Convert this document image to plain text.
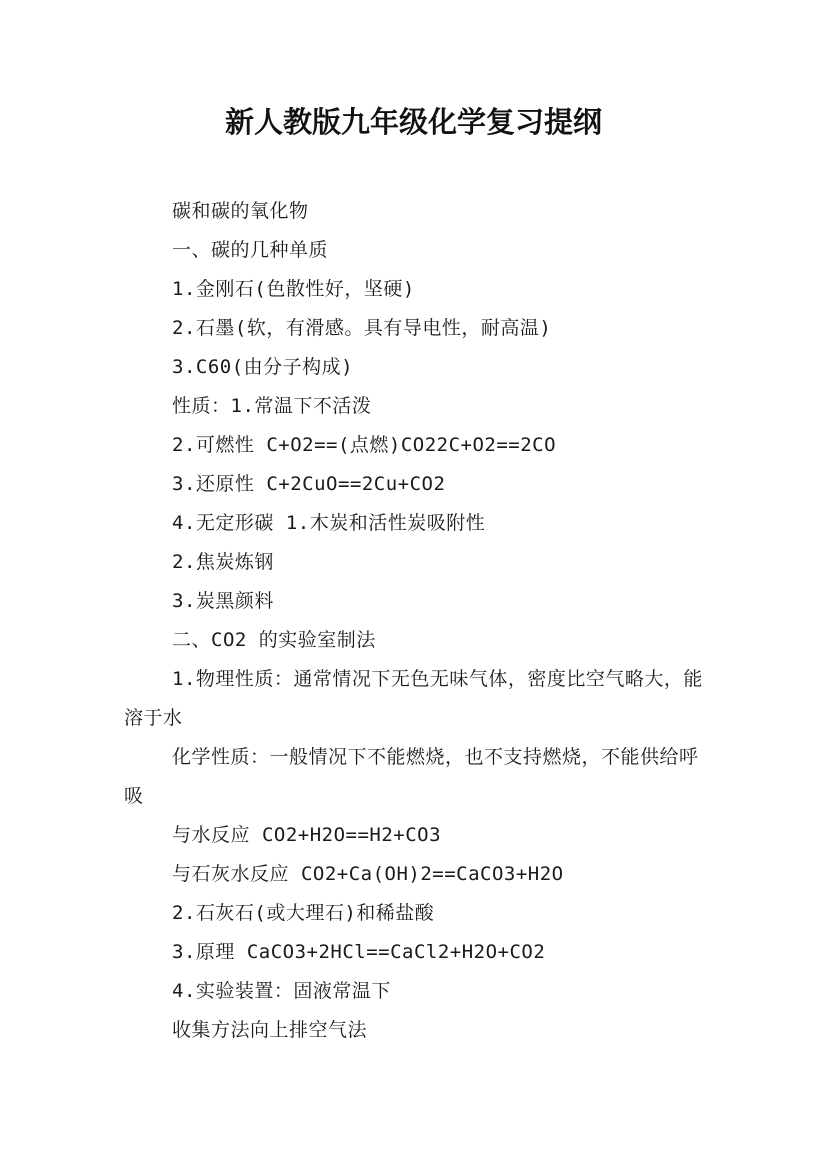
新人教版九年级化学复习提纲

碳和碳的氧化物

一、碳的几种单质

1.金刚石(色散性好，坚硬)

2.石墨(软，有滑感。具有导电性，耐高温)

3.C60(由分子构成)

性质：1.常温下不活泼

2.可燃性 C+O2==(点燃)CO22C+O2==2CO

3.还原性 C+2CuO==2Cu+CO2

4.无定形碳 1.木炭和活性炭吸附性

2.焦炭炼钢

3.炭黑颜料

二、CO2 的实验室制法

1.物理性质：通常情况下无色无味气体，密度比空气略大，能溶于水

化学性质：一般情况下不能燃烧，也不支持燃烧，不能供给呼吸

与水反应 CO2+H2O==H2+CO3

与石灰水反应 CO2+Ca(OH)2==CaCO3+H2O

2.石灰石(或大理石)和稀盐酸

3.原理 CaCO3+2HCl==CaCl2+H2O+CO2

4.实验装置：固液常温下

收集方法向上排空气法
